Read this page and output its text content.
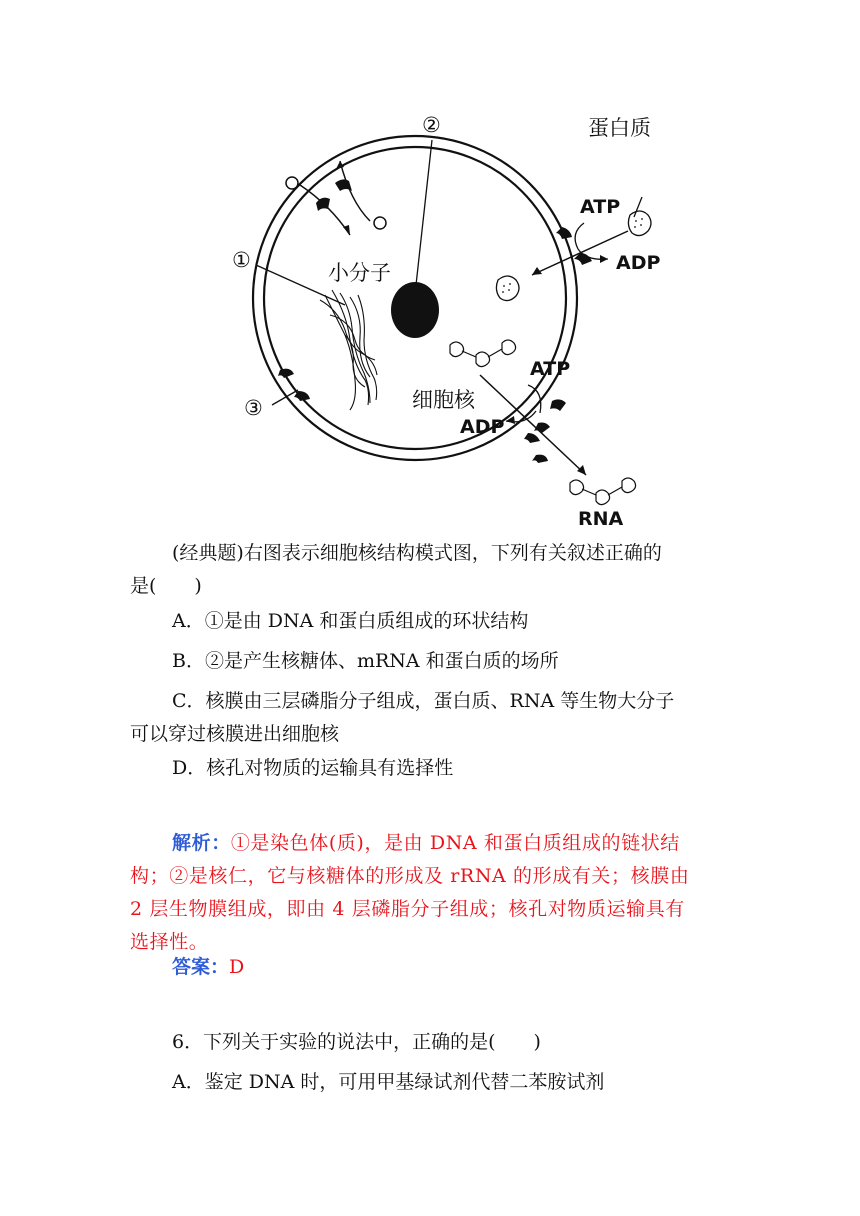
②	蛋白质
①
小分子
ATP
ADP
ATP
ADP
③	细胞核
RNA
(经典题)右图表示细胞核结构模式图，下列有关叙述正确的
是(　　)
A．①是由 DNA 和蛋白质组成的环状结构
B．②是产生核糖体、mRNA 和蛋白质的场所
C．核膜由三层磷脂分子组成，蛋白质、RNA 等生物大分子
可以穿过核膜进出细胞核
D．核孔对物质的运输具有选择性
解析：①是染色体(质)，是由 DNA 和蛋白质组成的链状结
构；②是核仁，它与核糖体的形成及 rRNA 的形成有关；核膜由
2 层生物膜组成，即由 4 层磷脂分子组成；核孔对物质运输具有
选择性。
答案：D
6．下列关于实验的说法中，正确的是(　　)
A．鉴定 DNA 时，可用甲基绿试剂代替二苯胺试剂
